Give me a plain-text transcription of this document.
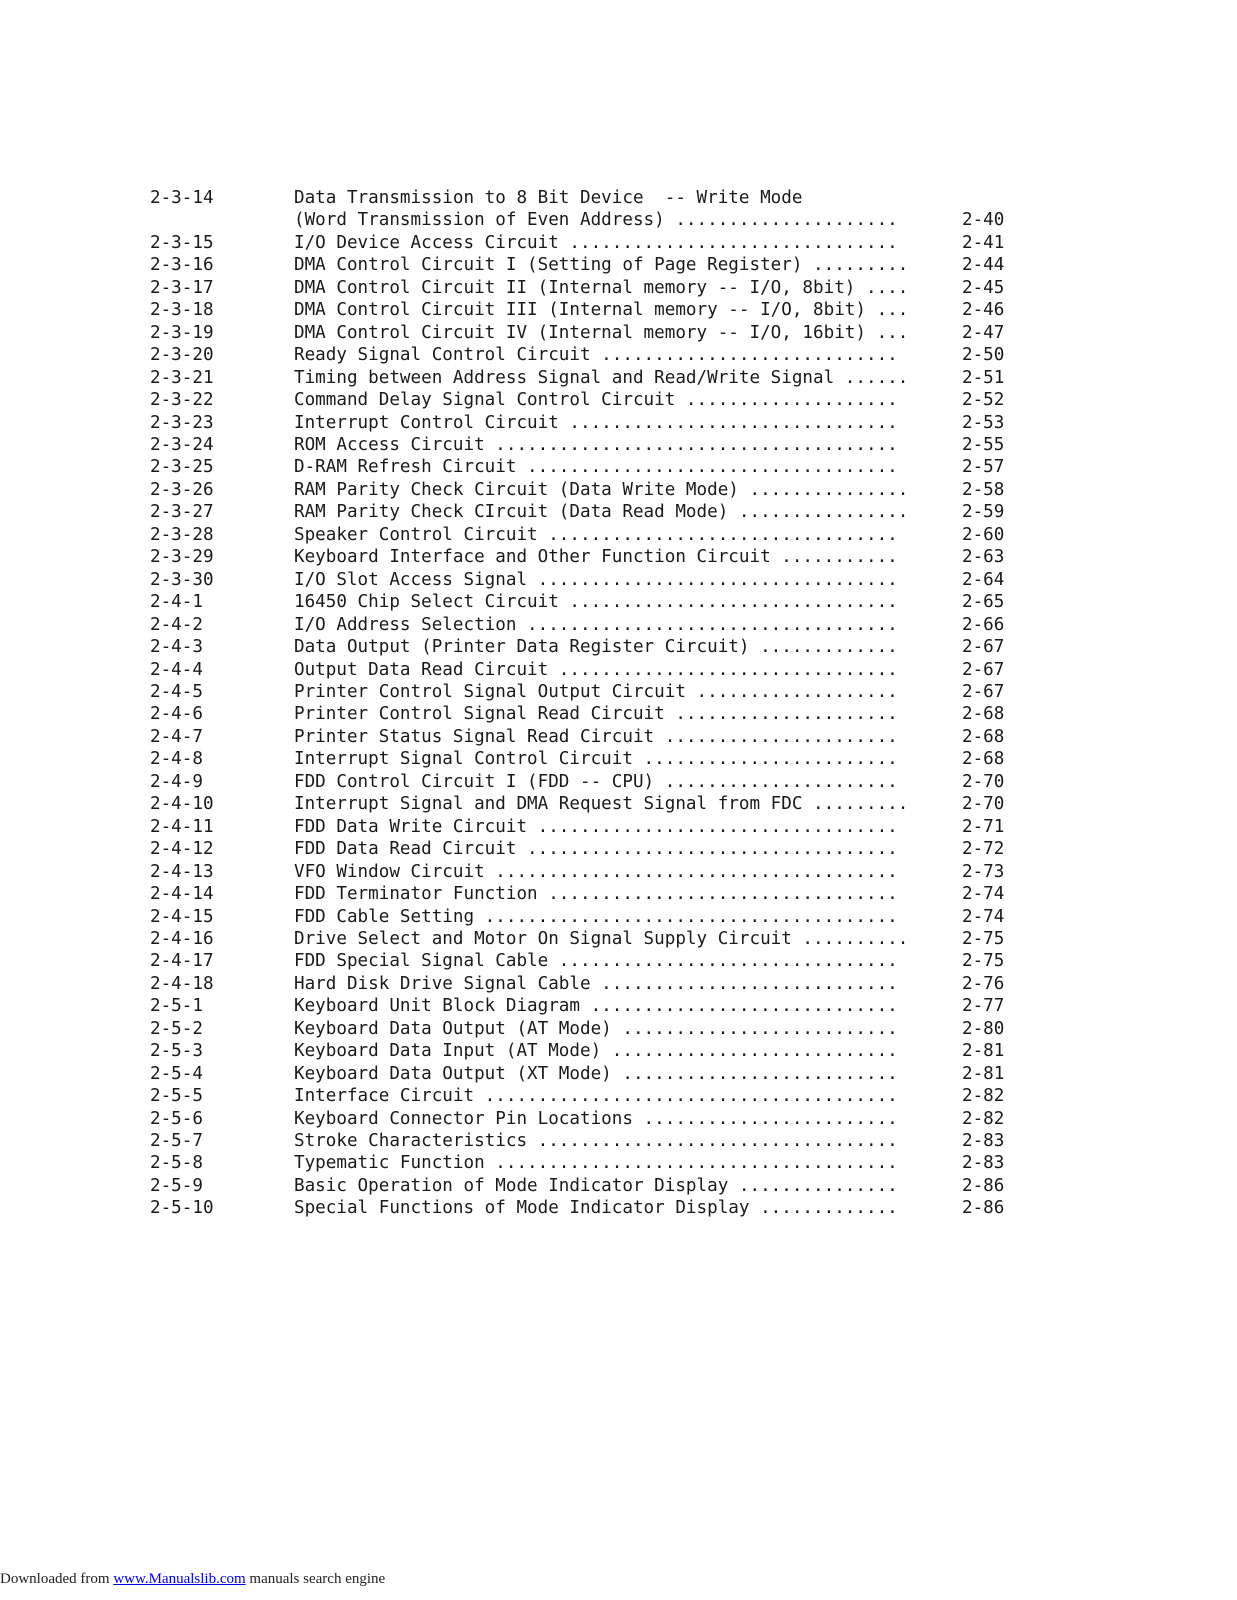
2-3-14	Data Transmission to 8 Bit Device  -- Write Mode
(Word Transmission of Even Address) .....................	2-40
2-3-15	I/O Device Access Circuit ...............................	2-41
2-3-16	DMA Control Circuit I (Setting of Page Register) .........	2-44
2-3-17	DMA Control Circuit II (Internal memory -- I/O, 8bit) ....	2-45
2-3-18	DMA Control Circuit III (Internal memory -- I/O, 8bit) ...	2-46
2-3-19	DMA Control Circuit IV (Internal memory -- I/O, 16bit) ...	2-47
2-3-20	Ready Signal Control Circuit ............................	2-50
2-3-21	Timing between Address Signal and Read/Write Signal ......	2-51
2-3-22	Command Delay Signal Control Circuit ....................	2-52
2-3-23	Interrupt Control Circuit ...............................	2-53
2-3-24	ROM Access Circuit ......................................	2-55
2-3-25	D-RAM Refresh Circuit ...................................	2-57
2-3-26	RAM Parity Check Circuit (Data Write Mode) ...............	2-58
2-3-27	RAM Parity Check CIrcuit (Data Read Mode) ................	2-59
2-3-28	Speaker Control Circuit .................................	2-60
2-3-29	Keyboard Interface and Other Function Circuit ...........	2-63
2-3-30	I/O Slot Access Signal ..................................	2-64
2-4-1	16450 Chip Select Circuit ...............................	2-65
2-4-2	I/O Address Selection ...................................	2-66
2-4-3	Data Output (Printer Data Register Circuit) .............	2-67
2-4-4	Output Data Read Circuit ................................	2-67
2-4-5	Printer Control Signal Output Circuit ...................	2-67
2-4-6	Printer Control Signal Read Circuit .....................	2-68
2-4-7	Printer Status Signal Read Circuit ......................	2-68
2-4-8	Interrupt Signal Control Circuit ........................	2-68
2-4-9	FDD Control Circuit I (FDD -- CPU) ......................	2-70
2-4-10	Interrupt Signal and DMA Request Signal from FDC .........	2-70
2-4-11	FDD Data Write Circuit ..................................	2-71
2-4-12	FDD Data Read Circuit ...................................	2-72
2-4-13	VFO Window Circuit ......................................	2-73
2-4-14	FDD Terminator Function .................................	2-74
2-4-15	FDD Cable Setting .......................................	2-74
2-4-16	Drive Select and Motor On Signal Supply Circuit ..........	2-75
2-4-17	FDD Special Signal Cable ................................	2-75
2-4-18	Hard Disk Drive Signal Cable ............................	2-76
2-5-1	Keyboard Unit Block Diagram .............................	2-77
2-5-2	Keyboard Data Output (AT Mode) ..........................	2-80
2-5-3	Keyboard Data Input (AT Mode) ...........................	2-81
2-5-4	Keyboard Data Output (XT Mode) ..........................	2-81
2-5-5	Interface Circuit .......................................	2-82
2-5-6	Keyboard Connector Pin Locations ........................	2-82
2-5-7	Stroke Characteristics ..................................	2-83
2-5-8	Typematic Function ......................................	2-83
2-5-9	Basic Operation of Mode Indicator Display ...............	2-86
2-5-10	Special Functions of Mode Indicator Display .............	2-86
Downloaded from www.Manualslib.com manuals search engine
